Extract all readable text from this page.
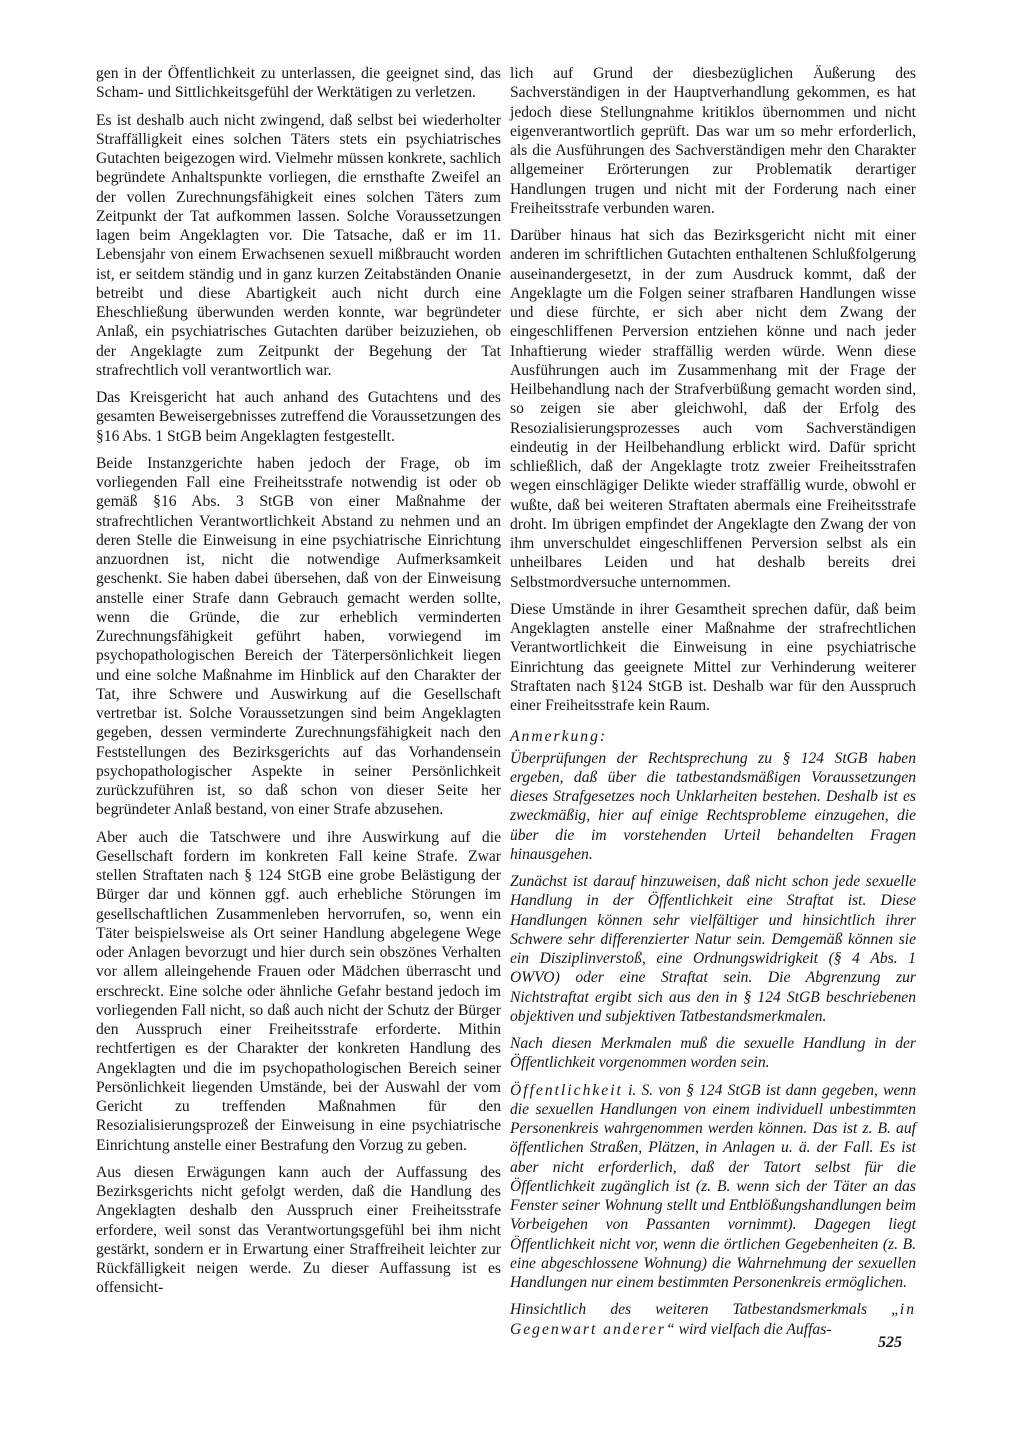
gen in der Öffentlichkeit zu unterlassen, die geeignet sind, das Scham- und Sittlichkeitsgefühl der Werktätigen zu verletzen.

Es ist deshalb auch nicht zwingend, daß selbst bei wiederholter Straffälligkeit eines solchen Täters stets ein psychiatrisches Gutachten beigezogen wird. Vielmehr müssen konkrete, sachlich begründete Anhaltspunkte vorliegen, die ernsthafte Zweifel an der vollen Zurechnungsfähigkeit eines solchen Täters zum Zeitpunkt der Tat aufkommen lassen. Solche Voraussetzungen lagen beim Angeklagten vor. Die Tatsache, daß er im 11. Lebensjahr von einem Erwachsenen sexuell mißbraucht worden ist, er seitdem ständig und in ganz kurzen Zeitabständen Onanie betreibt und diese Abartigkeit auch nicht durch eine Eheschließung überwunden werden konnte, war begründeter Anlaß, ein psychiatrisches Gutachten darüber beizuziehen, ob der Angeklagte zum Zeitpunkt der Begehung der Tat strafrechtlich voll verantwortlich war.

Das Kreisgericht hat auch anhand des Gutachtens und des gesamten Beweisergebnisses zutreffend die Voraussetzungen des §16 Abs. 1 StGB beim Angeklagten festgestellt.

Beide Instanzgerichte haben jedoch der Frage, ob im vorliegenden Fall eine Freiheitsstrafe notwendig ist oder ob gemäß §16 Abs. 3 StGB von einer Maßnahme der strafrechtlichen Verantwortlichkeit Abstand zu nehmen und an deren Stelle die Einweisung in eine psychiatrische Einrichtung anzuordnen ist, nicht die notwendige Aufmerksamkeit geschenkt. Sie haben dabei übersehen, daß von der Einweisung anstelle einer Strafe dann Gebrauch gemacht werden sollte, wenn die Gründe, die zur erheblich verminderten Zurechnungsfähigkeit geführt haben, vorwiegend im psychopathologischen Bereich der Täterpersönlichkeit liegen und eine solche Maßnahme im Hinblick auf den Charakter der Tat, ihre Schwere und Auswirkung auf die Gesellschaft vertretbar ist. Solche Voraussetzungen sind beim Angeklagten gegeben, dessen verminderte Zurechnungsfähigkeit nach den Feststellungen des Bezirksgerichts auf das Vorhandensein psychopathologischer Aspekte in seiner Persönlichkeit zurückzuführen ist, so daß schon von dieser Seite her begründeter Anlaß bestand, von einer Strafe abzusehen.

Aber auch die Tatschwere und ihre Auswirkung auf die Gesellschaft fordern im konkreten Fall keine Strafe. Zwar stellen Straftaten nach § 124 StGB eine grobe Belästigung der Bürger dar und können ggf. auch erhebliche Störungen im gesellschaftlichen Zusammenleben hervorrufen, so, wenn ein Täter beispielsweise als Ort seiner Handlung abgelegene Wege oder Anlagen bevorzugt und hier durch sein obszönes Verhalten vor allem alleingehende Frauen oder Mädchen überrascht und erschreckt. Eine solche oder ähnliche Gefahr bestand jedoch im vorliegenden Fall nicht, so daß auch nicht der Schutz der Bürger den Ausspruch einer Freiheitsstrafe erforderte. Mithin rechtfertigen es der Charakter der konkreten Handlung des Angeklagten und die im psychopathologischen Bereich seiner Persönlichkeit liegenden Umstände, bei der Auswahl der vom Gericht zu treffenden Maßnahmen für den Resozialisierungsprozeß der Einweisung in eine psychiatrische Einrichtung anstelle einer Bestrafung den Vorzug zu geben.

Aus diesen Erwägungen kann auch der Auffassung des Bezirksgerichts nicht gefolgt werden, daß die Handlung des Angeklagten deshalb den Ausspruch einer Freiheitsstrafe erfordere, weil sonst das Verantwortungsgefühl bei ihm nicht gestärkt, sondern er in Erwartung einer Straffreiheit leichter zur Rückfälligkeit neigen werde. Zu dieser Auffassung ist es offensicht-

lich auf Grund der diesbezüglichen Äußerung des Sachverständigen in der Hauptverhandlung gekommen, es hat jedoch diese Stellungnahme kritiklos übernommen und nicht eigenverantwortlich geprüft. Das war um so mehr erforderlich, als die Ausführungen des Sachverständigen mehr den Charakter allgemeiner Erörterungen zur Problematik derartiger Handlungen trugen und nicht mit der Forderung nach einer Freiheitsstrafe verbunden waren.

Darüber hinaus hat sich das Bezirksgericht nicht mit einer anderen im schriftlichen Gutachten enthaltenen Schlußfolgerung auseinandergesetzt, in der zum Ausdruck kommt, daß der Angeklagte um die Folgen seiner strafbaren Handlungen wisse und diese fürchte, er sich aber nicht dem Zwang der eingeschliffenen Perversion entziehen könne und nach jeder Inhaftierung wieder straffällig werden würde. Wenn diese Ausführungen auch im Zusammenhang mit der Frage der Heilbehandlung nach der Strafverbüßung gemacht worden sind, so zeigen sie aber gleichwohl, daß der Erfolg des Resozialisierungsprozesses auch vom Sachverständigen eindeutig in der Heilbehandlung erblickt wird. Dafür spricht schließlich, daß der Angeklagte trotz zweier Freiheitsstrafen wegen einschlägiger Delikte wieder straffällig wurde, obwohl er wußte, daß bei weiteren Straftaten abermals eine Freiheitsstrafe droht. Im übrigen empfindet der Angeklagte den Zwang der von ihm unverschuldet eingeschliffenen Perversion selbst als ein unheilbares Leiden und hat deshalb bereits drei Selbstmordversuche unternommen.

Diese Umstände in ihrer Gesamtheit sprechen dafür, daß beim Angeklagten anstelle einer Maßnahme der strafrechtlichen Verantwortlichkeit die Einweisung in eine psychiatrische Einrichtung das geeignete Mittel zur Verhinderung weiterer Straftaten nach §124 StGB ist. Deshalb war für den Ausspruch einer Freiheitsstrafe kein Raum.

Anmerkung:

Überprüfungen der Rechtsprechung zu § 124 StGB haben ergeben, daß über die tatbestandsmäßigen Voraussetzungen dieses Strafgesetzes noch Unklarheiten bestehen. Deshalb ist es zweckmäßig, hier auf einige Rechtsprobleme einzugehen, die über die im vorstehenden Urteil behandelten Fragen hinausgehen.

Zunächst ist darauf hinzuweisen, daß nicht schon jede sexuelle Handlung in der Öffentlichkeit eine Straftat ist. Diese Handlungen können sehr vielfältiger und hinsichtlich ihrer Schwere sehr differenzierter Natur sein. Demgemäß können sie ein Disziplinverstoß, eine Ordnungswidrigkeit (§ 4 Abs. 1 OWVO) oder eine Straftat sein. Die Abgrenzung zur Nichtstraftat ergibt sich aus den in § 124 StGB beschriebenen objektiven und subjektiven Tatbestandsmerkmalen.

Nach diesen Merkmalen muß die sexuelle Handlung in der Öffentlichkeit vorgenommen worden sein.

Öffentlichkeit i. S. von § 124 StGB ist dann gegeben, wenn die sexuellen Handlungen von einem individuell unbestimmten Personenkreis wahrgenommen werden können. Das ist z. B. auf öffentlichen Straßen, Plätzen, in Anlagen u. ä. der Fall. Es ist aber nicht erforderlich, daß der Tatort selbst für die Öffentlichkeit zugänglich ist (z. B. wenn sich der Täter an das Fenster seiner Wohnung stellt und Entblößungshandlungen beim Vorbeigehen von Passanten vornimmt). Dagegen liegt Öffentlichkeit nicht vor, wenn die örtlichen Gegebenheiten (z. B. eine abgeschlossene Wohnung) die Wahrnehmung der sexuellen Handlungen nur einem bestimmten Personenkreis ermöglichen.

Hinsichtlich des weiteren Tatbestandsmerkmals „in Gegenwart anderer“ wird vielfach die Auffas-

525
